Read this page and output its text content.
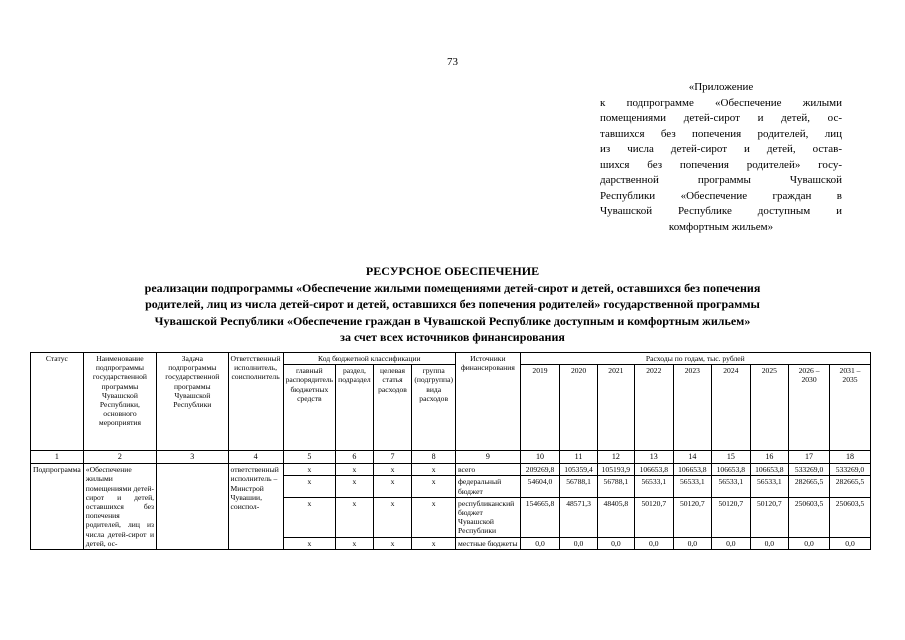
73
«Приложение
к подпрограмме «Обеспечение жилыми
помещениями детей-сирот и детей, ос-
тавшихся без попечения родителей, лиц
из числа детей-сирот и детей, остав-
шихся без попечения родителей» госу-
дарственной программы Чувашской
Республики «Обеспечение граждан в
Чувашской Республике доступным и
комфортным жильем»
РЕСУРСНОЕ ОБЕСПЕЧЕНИЕ
реализации подпрограммы «Обеспечение жилыми помещениями детей-сирот и детей, оставшихся без попечения
родителей, лиц из числа детей-сирот и детей, оставшихся без попечения родителей» государственной программы
Чувашской Республики «Обеспечение граждан в Чувашской Республике доступным и комфортным жильем»
за счет всех источников финансирования
Статус	Наименование подпрограммы государственной программы Чувашской Республики, основного мероприятия	Задача подпрограммы государственной программы Чувашской Республики	Ответственный исполнитель, соисполнитель	Код бюджетной классификации				Источники финансирования	Расходы по годам, тыс. рублей								
				главный распорядитель бюджетных средств	раздел, подраздел	целевая статья расходов	группа (подгруппа) вида расходов		2019	2020	2021	2022	2023	2024	2025	2026 – 2030	2031 – 2035
1	2	3	4	5	6	7	8	9	10	11	12	13	14	15	16	17	18
Подпрограмма	«Обеспечение жилыми помещениями детей-сирот и детей, оставшихся без попечения родителей, лиц из числа детей-сирот и детей, ос-		ответственный исполнитель – Минстрой Чувашии, соиспол-	x	x	x	x	всего	209269,8	105359,4	105193,9	106653,8	106653,8	106653,8	106653,8	533269,0	533269,0
				x	x	x	x	федеральный бюджет	54604,0	56788,1	56788,1	56533,1	56533,1	56533,1	56533,1	282665,5	282665,5
				x	x	x	x	республиканский бюджет Чувашской Республики	154665,8	48571,3	48405,8	50120,7	50120,7	50120,7	50120,7	250603,5	250603,5
				x	x	x	x	местные бюджеты	0,0	0,0	0,0	0,0	0,0	0,0	0,0	0,0	0,0
